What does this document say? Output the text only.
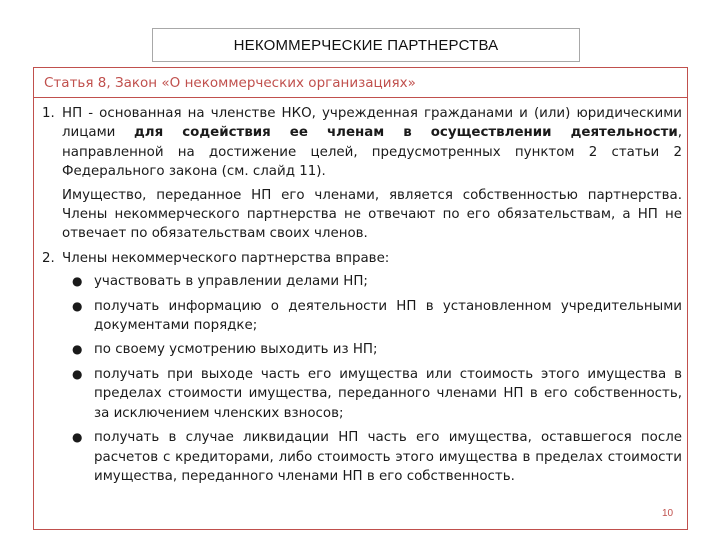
НЕКОММЕРЧЕСКИЕ ПАРТНЕРСТВА
Статья 8, Закон «О некоммерческих организациях»
1. НП - основанная на членстве НКО, учрежденная гражданами и (или) юридическими лицами для содействия ее членам в осуществлении деятельности, направленной на достижение целей, предусмотренных пунктом 2 статьи 2 Федерального закона (см. слайд 11).
Имущество, переданное НП его членами, является собственностью партнерства. Члены некоммерческого партнерства не отвечают по его обязательствам, а НП не отвечает по обязательствам своих членов.
2. Члены некоммерческого партнерства вправе:
● участвовать в управлении делами НП;
● получать информацию о деятельности НП в установленном учредительными документами порядке;
● по своему усмотрению выходить из НП;
● получать при выходе часть его имущества или стоимость этого имущества в пределах стоимости имущества, переданного членами НП в его собственность, за исключением членских взносов;
● получать в случае ликвидации НП часть его имущества, оставшегося после расчетов с кредиторами, либо стоимость этого имущества в пределах стоимости имущества, переданного членами НП в его собственность.
10
